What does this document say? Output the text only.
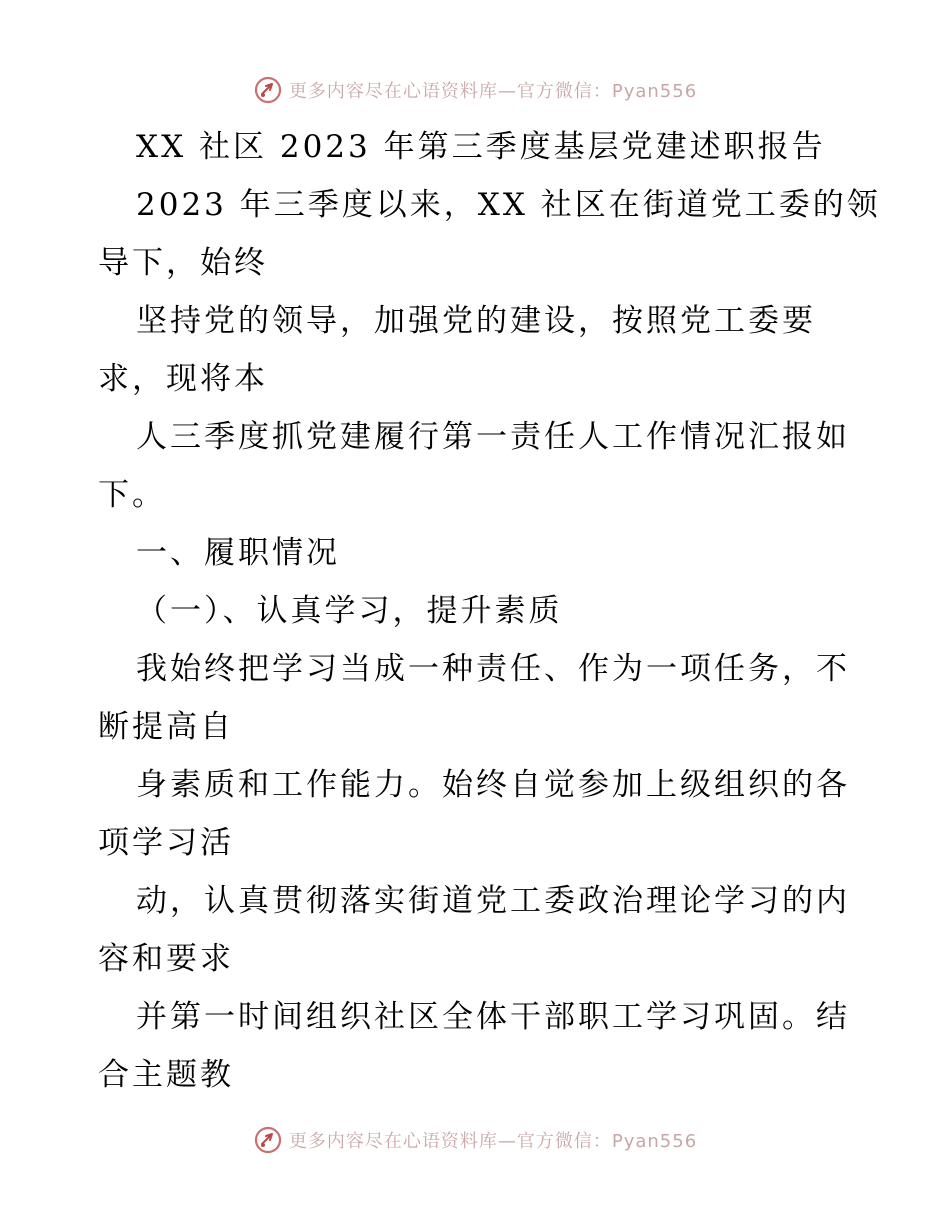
更多内容尽在心语资料库—官方微信：Pyan556
XX 社区 2023 年第三季度基层党建述职报告
2023 年三季度以来，XX 社区在街道党工委的领
导下，始终
坚持党的领导，加强党的建设，按照党工委要
求，现将本
人三季度抓党建履行第一责任人工作情况汇报如
下。
一、履职情况
（一）、认真学习，提升素质
我始终把学习当成一种责任、作为一项任务，不
断提高自
身素质和工作能力。始终自觉参加上级组织的各
项学习活
动，认真贯彻落实街道党工委政治理论学习的内
容和要求
并第一时间组织社区全体干部职工学习巩固。结
合主题教
更多内容尽在心语资料库—官方微信：Pyan556
